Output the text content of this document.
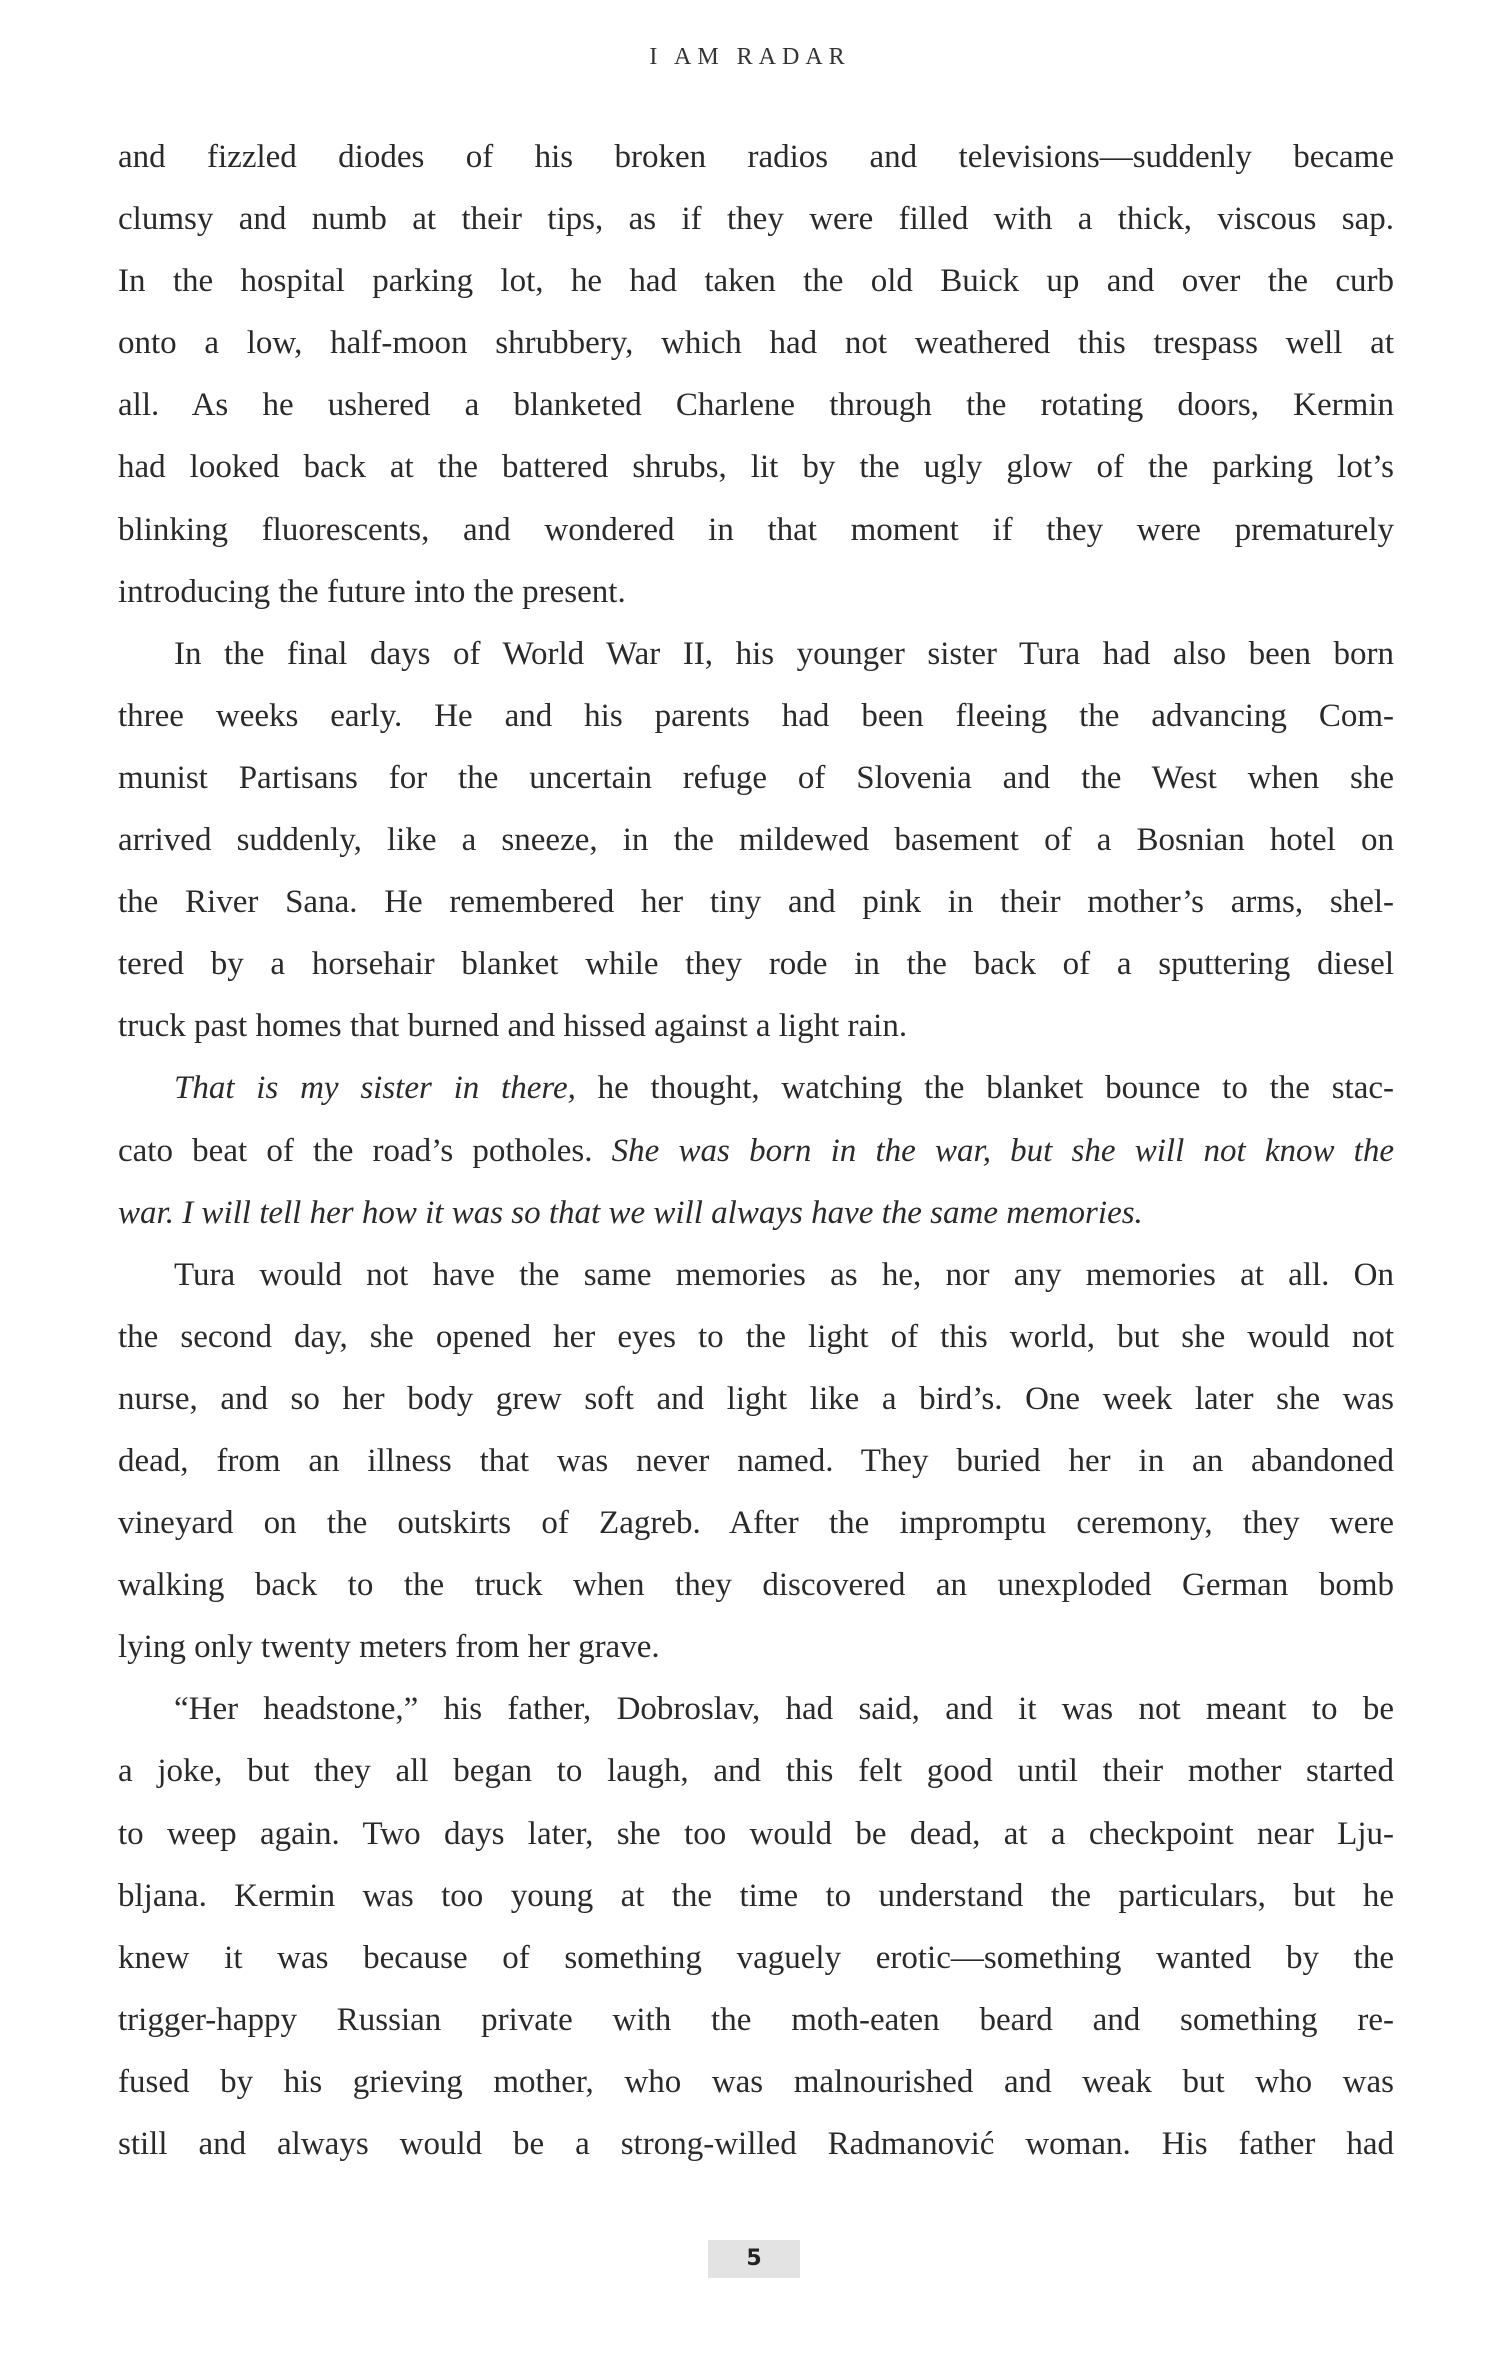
I AM RADAR
and fizzled diodes of his broken radios and televisions—suddenly became
clumsy and numb at their tips, as if they were filled with a thick, viscous sap.
In the hospital parking lot, he had taken the old Buick up and over the curb
onto a low, half-moon shrubbery, which had not weathered this trespass well at
all. As he ushered a blanketed Charlene through the rotating doors, Kermin
had looked back at the battered shrubs, lit by the ugly glow of the parking lot’s
blinking fluorescents, and wondered in that moment if they were prematurely
introducing the future into the present.
In the final days of World War II, his younger sister Tura had also been born
three weeks early. He and his parents had been fleeing the advancing Com-
munist Partisans for the uncertain refuge of Slovenia and the West when she
arrived suddenly, like a sneeze, in the mildewed basement of a Bosnian hotel on
the River Sana. He remembered her tiny and pink in their mother’s arms, shel-
tered by a horsehair blanket while they rode in the back of a sputtering diesel
truck past homes that burned and hissed against a light rain.
That is my sister in there, he thought, watching the blanket bounce to the stac-
cato beat of the road’s potholes. She was born in the war, but she will not know the
war. I will tell her how it was so that we will always have the same memories.
Tura would not have the same memories as he, nor any memories at all. On
the second day, she opened her eyes to the light of this world, but she would not
nurse, and so her body grew soft and light like a bird’s. One week later she was
dead, from an illness that was never named. They buried her in an abandoned
vineyard on the outskirts of Zagreb. After the impromptu ceremony, they were
walking back to the truck when they discovered an unexploded German bomb
lying only twenty meters from her grave.
“Her headstone,” his father, Dobroslav, had said, and it was not meant to be
a joke, but they all began to laugh, and this felt good until their mother started
to weep again. Two days later, she too would be dead, at a checkpoint near Lju-
bljana. Kermin was too young at the time to understand the particulars, but he
knew it was because of something vaguely erotic—something wanted by the
trigger-happy Russian private with the moth-eaten beard and something re-
fused by his grieving mother, who was malnourished and weak but who was
still and always would be a strong-willed Radmanović woman. His father had
5
